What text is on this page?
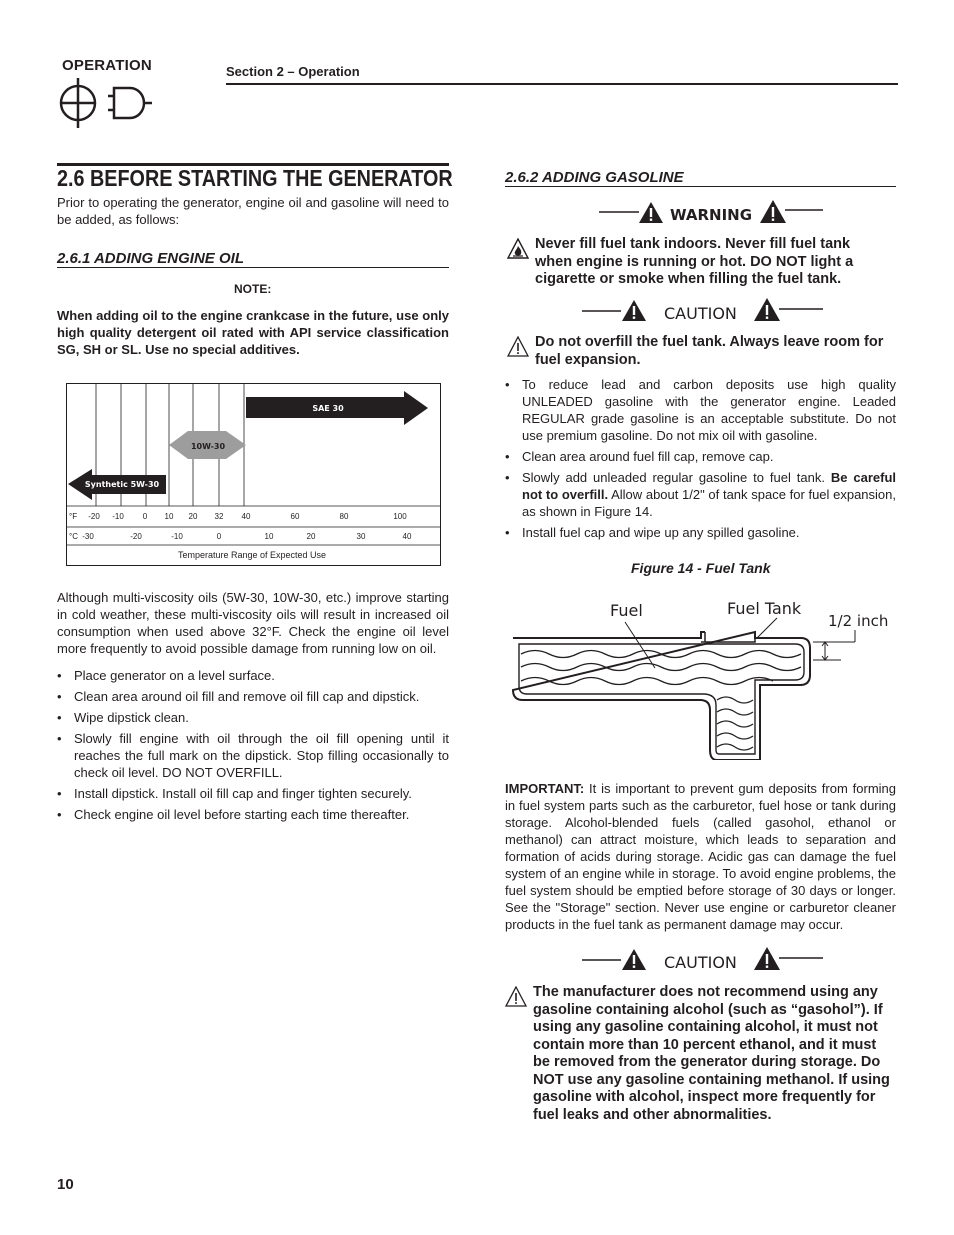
OPERATION	Section 2 – Operation
2.6 BEFORE STARTING THE GENERATOR
Prior to operating the generator, engine oil and gasoline will need to be added, as follows:
2.6.1 ADDING ENGINE OIL
NOTE:
When adding oil to the engine crankcase in the future, use only high quality detergent oil rated with API service classification SG, SH or SL. Use no special additives.
SAE 30
10W-30
Synthetic 5W-30
°F
°C
-20 -10 0 10 20 32 40	60	80	100
-30	-20	-10	0	10	20	30	40
Temperature Range of Expected Use
Although multi-viscosity oils (5W-30, 10W-30, etc.) improve starting in cold weather, these multi-viscosity oils will result in increased oil consumption when used above 32°F. Check the engine oil level more frequently to avoid possible damage from running low on oil.
• Place generator on a level surface.
• Clean area around oil fill and remove oil fill cap and dipstick.
• Wipe dipstick clean.
• Slowly fill engine with oil through the oil fill opening until it reaches the full mark on the dipstick. Stop filling occasionally to check oil level. DO NOT OVERFILL.
• Install dipstick. Install oil fill cap and finger tighten securely.
• Check engine oil level before starting each time thereafter.
2.6.2 ADDING GASOLINE
WARNING
Never fill fuel tank indoors. Never fill fuel tank when engine is running or hot. DO NOT light a cigarette or smoke when filling the fuel tank.
CAUTION
Do not overfill the fuel tank. Always leave room for fuel expansion.
• To reduce lead and carbon deposits use high quality UNLEADED gasoline with the generator engine. Leaded REGULAR grade gasoline is an acceptable substitute. Do not use premium gasoline. Do not mix oil with gasoline.
• Clean area around fuel fill cap, remove cap.
• Slowly add unleaded regular gasoline to fuel tank. Be careful not to overfill. Allow about 1/2" of tank space for fuel expansion, as shown in Figure 14.
• Install fuel cap and wipe up any spilled gasoline.
Figure 14 - Fuel Tank
Fuel	Fuel Tank
1/2 inch
IMPORTANT: It is important to prevent gum deposits from forming in fuel system parts such as the carburetor, fuel hose or tank during storage. Alcohol-blended fuels (called gasohol, ethanol or methanol) can attract moisture, which leads to separation and formation of acids during storage. Acidic gas can damage the fuel system of an engine while in storage. To avoid engine problems, the fuel system should be emptied before storage of 30 days or longer. See the "Storage" section. Never use engine or carburetor cleaner products in the fuel tank as permanent damage may occur.
CAUTION
The manufacturer does not recommend using any gasoline containing alcohol (such as “gasohol”). If using any gasoline containing alcohol, it must not contain more than 10 percent ethanol, and it must be removed from the generator during storage. Do NOT use any gasoline containing methanol. If using gasoline with alcohol, inspect more frequently for fuel leaks and other abnormalities.
10
